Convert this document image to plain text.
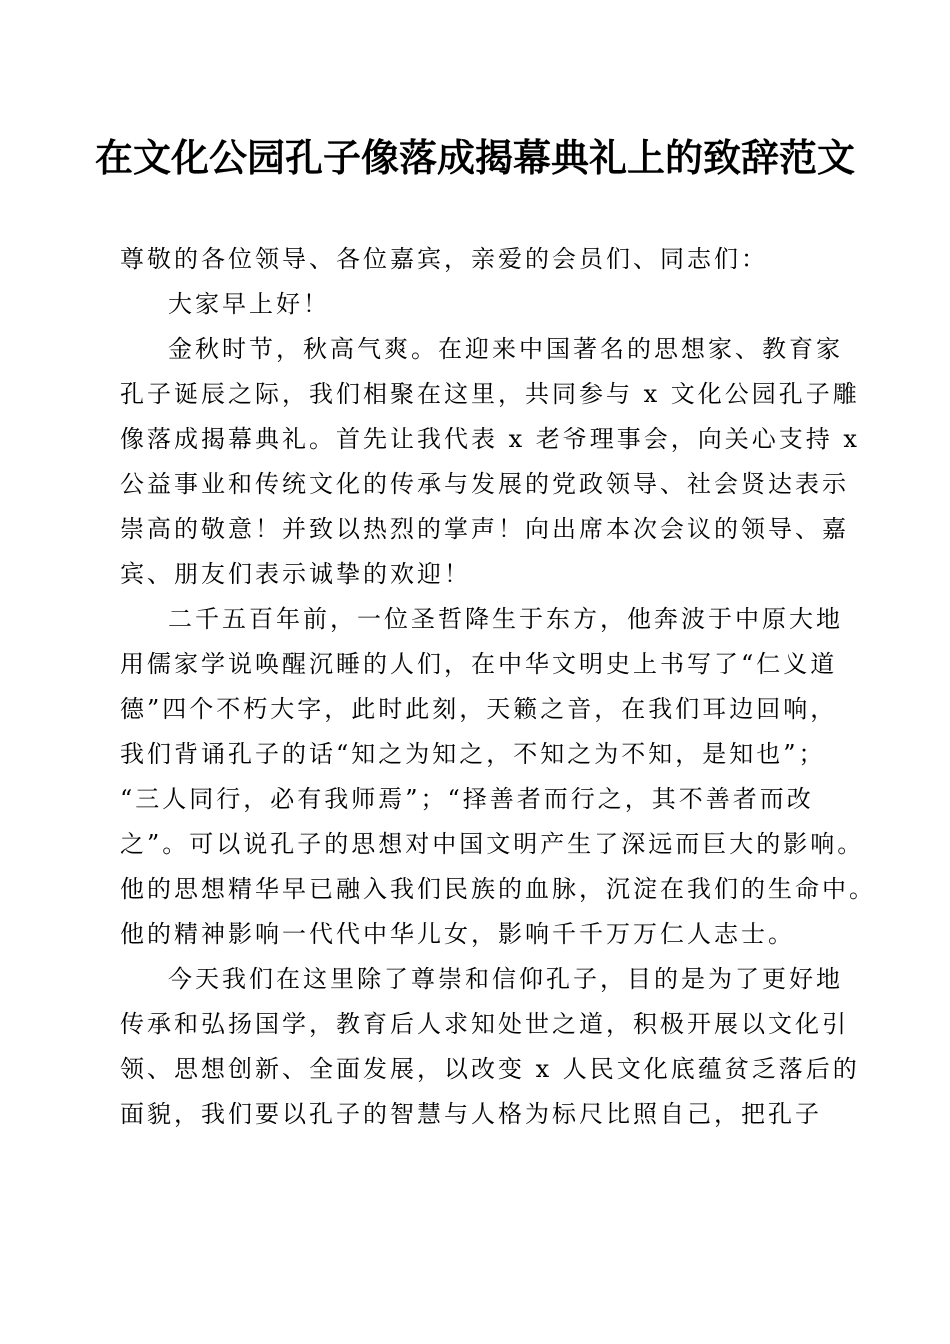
在文化公园孔子像落成揭幕典礼上的致辞范文
尊敬的各位领导、各位嘉宾，亲爱的会员们、同志们：
大家早上好！
金秋时节，秋高气爽。在迎来中国著名的思想家、教育家
孔子诞辰之际，我们相聚在这里，共同参与 x 文化公园孔子雕
像落成揭幕典礼。首先让我代表 x 老爷理事会，向关心支持 x
公益事业和传统文化的传承与发展的党政领导、社会贤达表示
崇高的敬意！并致以热烈的掌声！向出席本次会议的领导、嘉
宾、朋友们表示诚挚的欢迎！
二千五百年前，一位圣哲降生于东方，他奔波于中原大地
用儒家学说唤醒沉睡的人们，在中华文明史上书写了“仁义道
德”四个不朽大字，此时此刻，天籁之音，在我们耳边回响，
我们背诵孔子的话“知之为知之，不知之为不知，是知也”；
“三人同行，必有我师焉”；“择善者而行之，其不善者而改
之”。可以说孔子的思想对中国文明产生了深远而巨大的影响。
他的思想精华早已融入我们民族的血脉，沉淀在我们的生命中。
他的精神影响一代代中华儿女，影响千千万万仁人志士。
今天我们在这里除了尊崇和信仰孔子，目的是为了更好地
传承和弘扬国学，教育后人求知处世之道，积极开展以文化引
领、思想创新、全面发展，以改变 x 人民文化底蕴贫乏落后的
面貌，我们要以孔子的智慧与人格为标尺比照自己，把孔子
